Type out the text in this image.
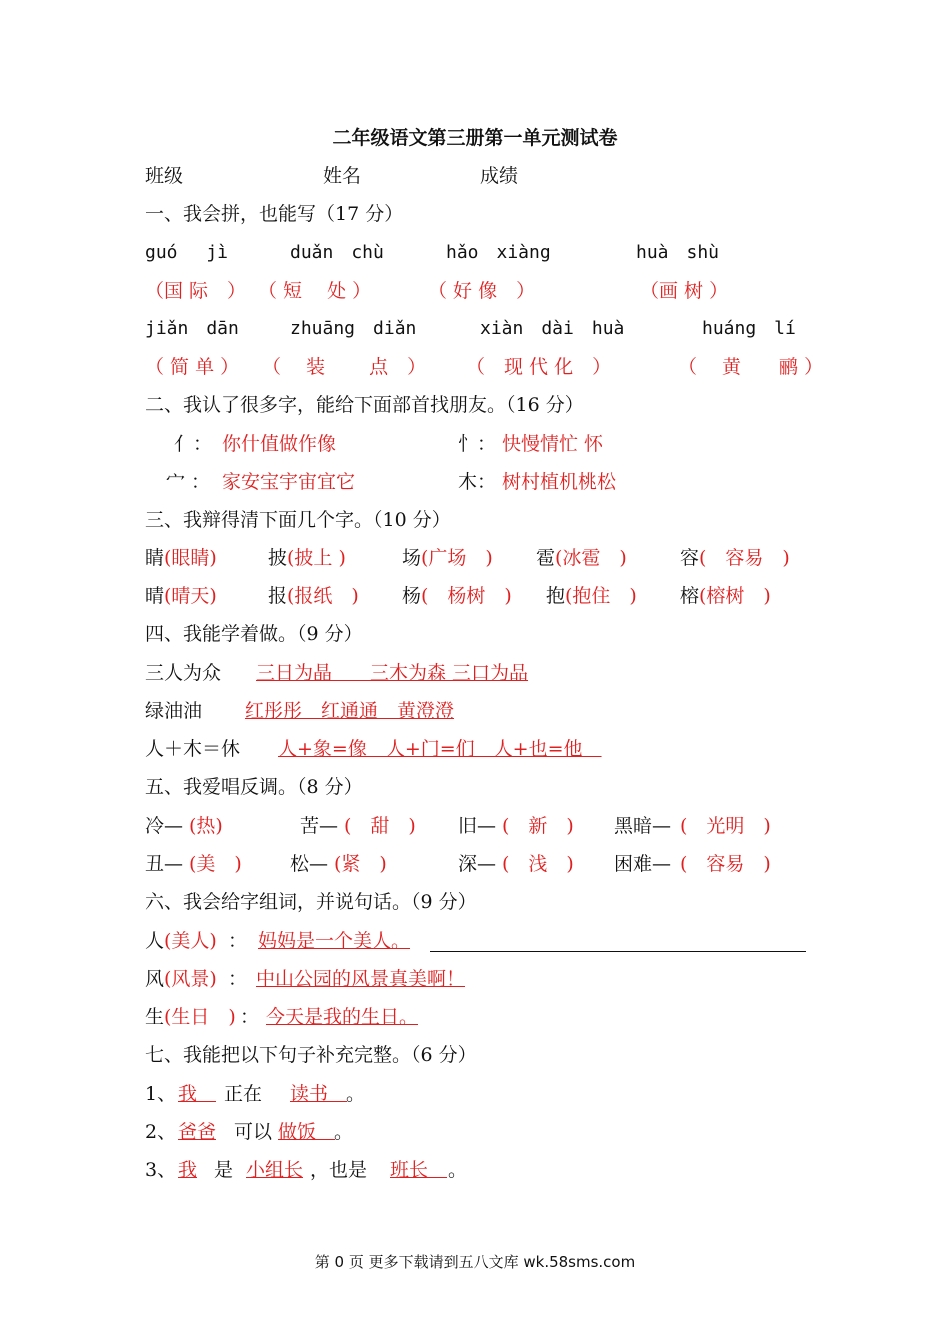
二年级语文第三册第一单元测试卷
班级	姓名	成绩
一、我会拼，也能写（17 分）
guó　 jì	duǎn　chù	hǎo　xiàng	huà　shù
（国 际　） （ 短　 处 ）	（ 好 像　）	（画 树 ）
jiǎn　dān	zhuāng　diǎn	xiàn　dài　huà	huáng　lí
（ 简 单 ） （　 装　　 点　） （　现 代 化　）	（　 黄　　鹂 ）
二、我认了很多字，能给下面部首找朋友。（16 分）
亻： 你什值做作像	忄： 快慢情忙 怀
宀 ： 家安宝宇宙宜它	木： 树村植机桃松
三、我辩得清下面几个字。（10 分）
睛 (眼睛)	披 (披上 )	场 (广场　) 雹 (冰雹　)	容 (　容易　)
晴 (晴天)	报 (报纸　) 杨 (　杨树　) 抱 (抱住　) 榕 (榕树　)
四、我能学着做。（9 分）
三人为众 三日为晶　　三木为森 三口为品
绿油油 红彤彤　红通通　黄澄澄
人＋木＝休 人+象=像　人+门=们　人+也=他　
五、我爱唱反调。（8 分）
冷— (热)	苦— (　甜　) 旧— (　新　) 黑暗— (　光明　)
丑— (美　)	松— (紧　)	深— (　浅　) 困难— (　容易　)
六、我会给字组词，并说句话。（9 分）
人 (美人) ： 妈妈是一个美人。
风 (风景) ： 中山公园的风景真美啊！
生 (生日　) ： 今天是我的生日。
七、我能把以下句子补充完整。（6 分）
1、 我　 正在　 读书　
。
2、 爸爸 可以 做饭　
。
3、 我 是　
小组长 ，也是　 班长　 。
第 0 页 更多下载请到五八文库 wk.58sms.com
